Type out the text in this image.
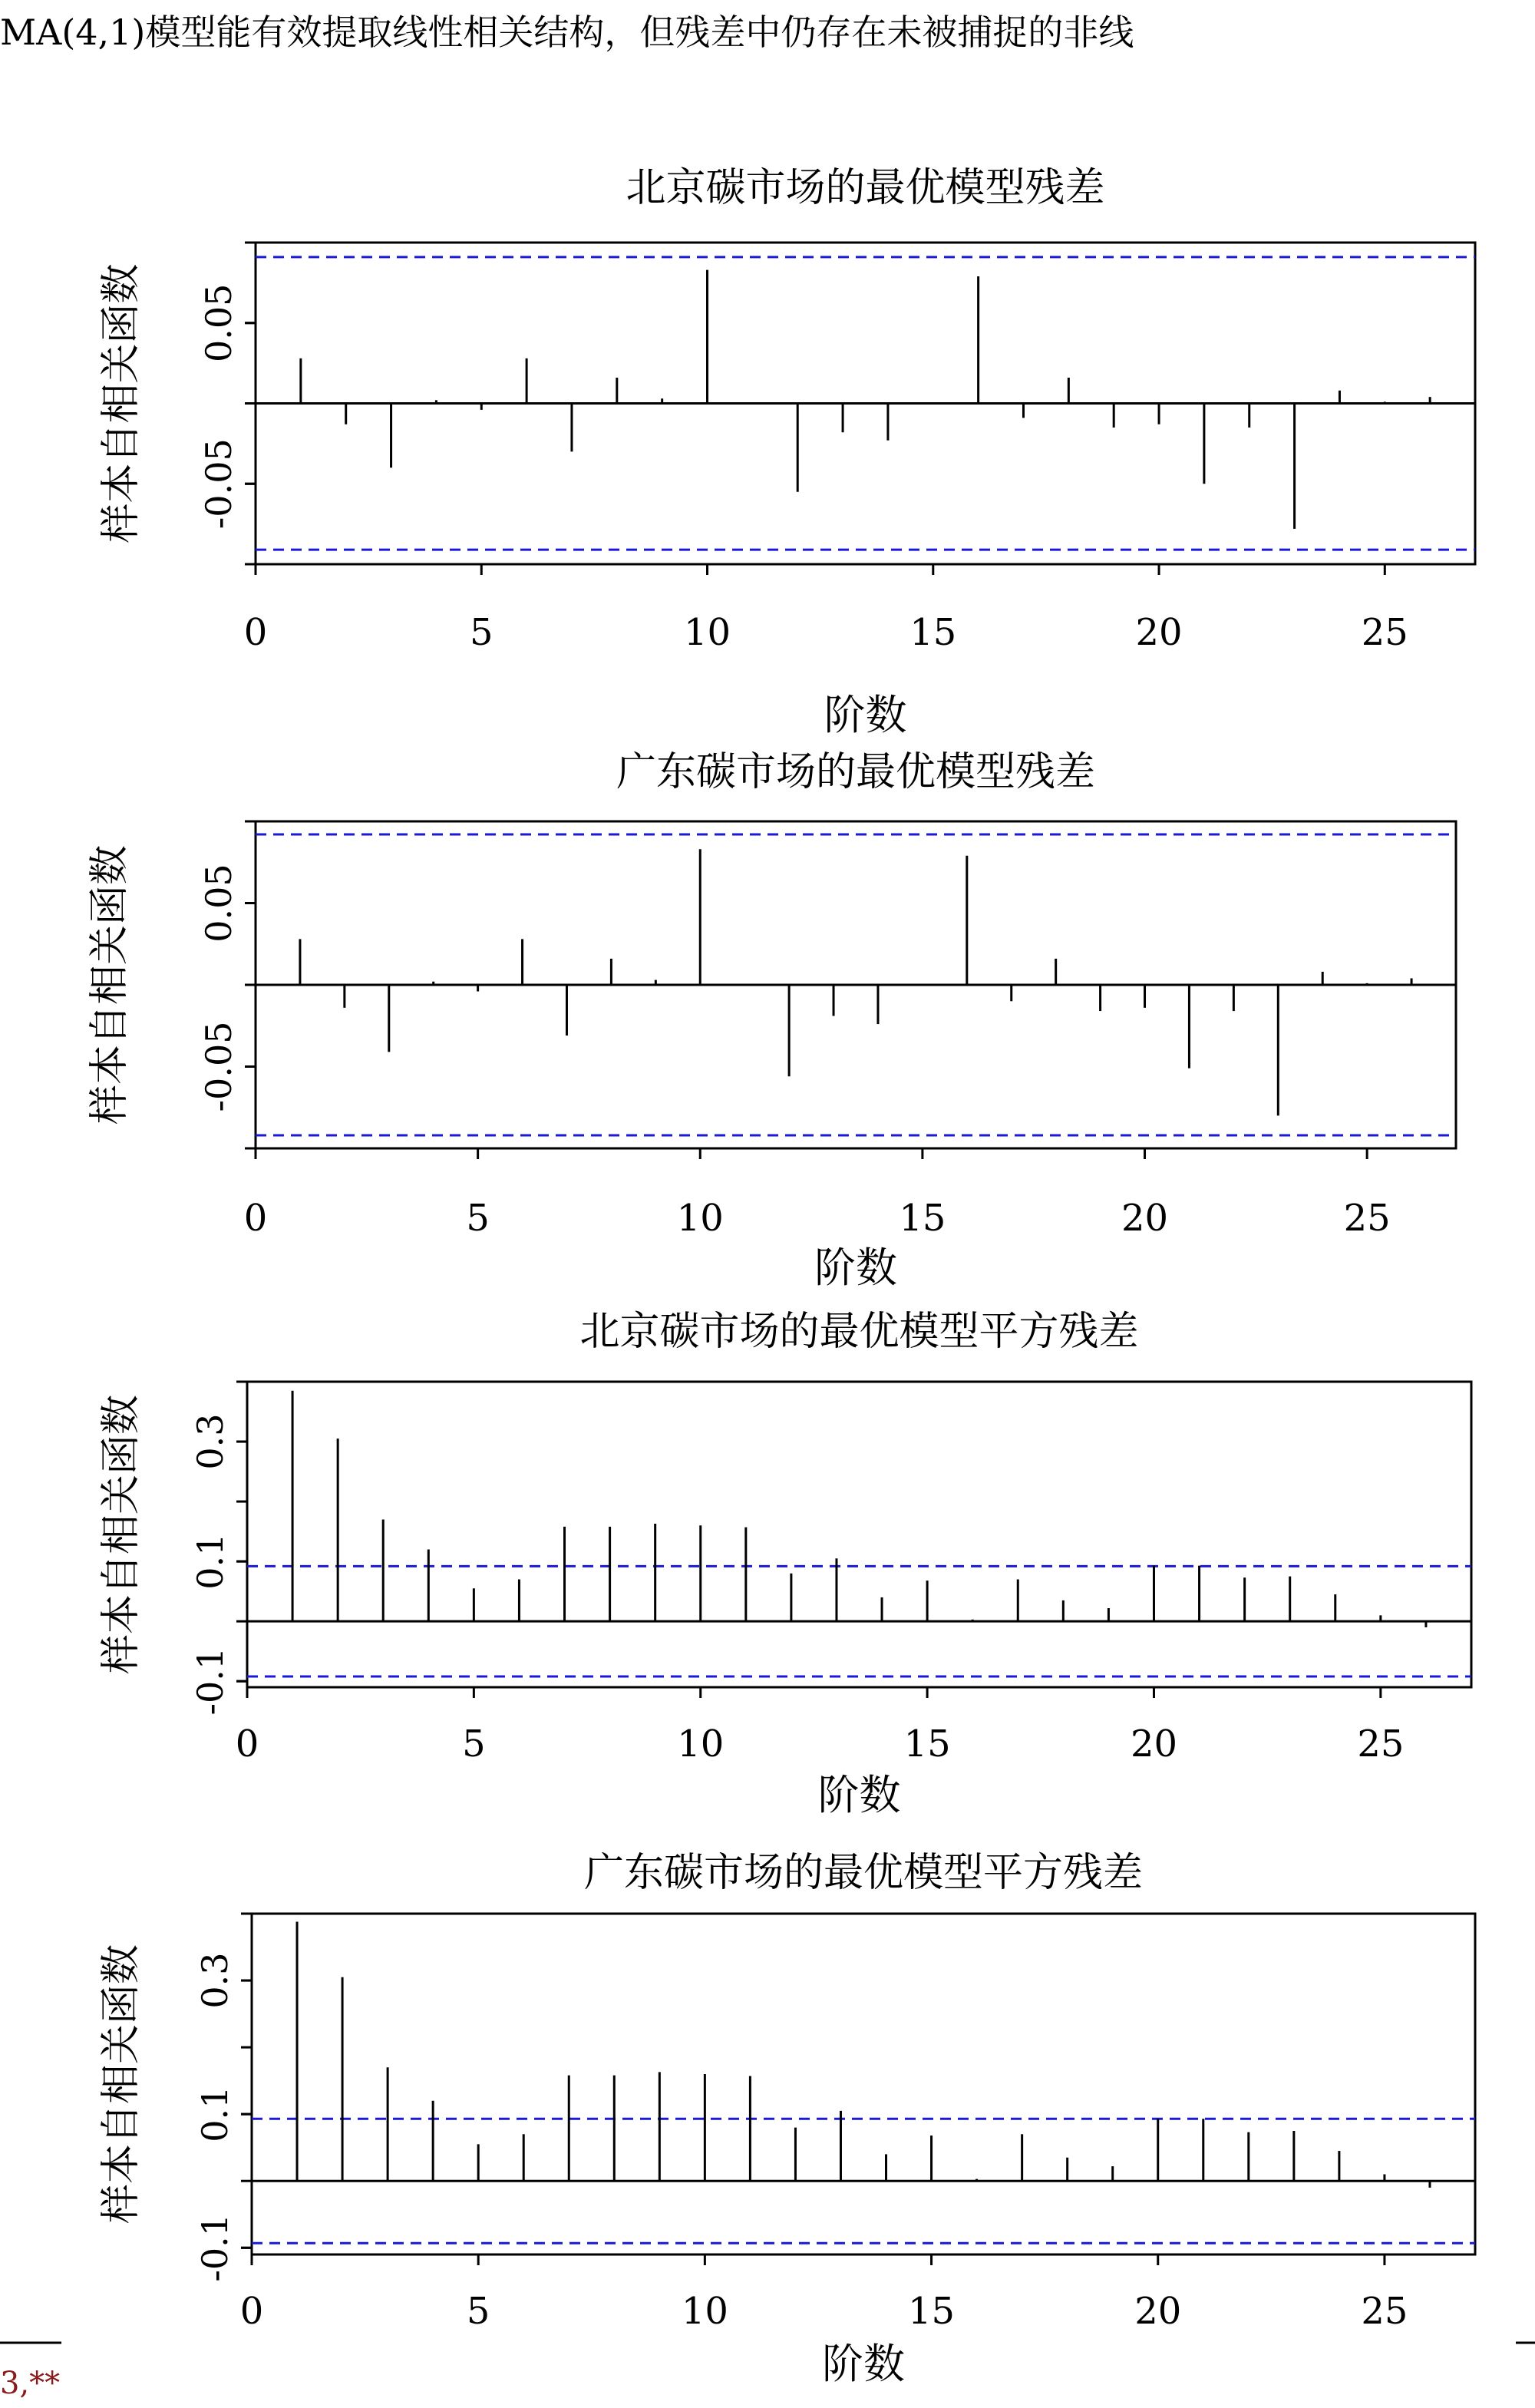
MA(4,1)模型能有效提取线性相关结构，但残差中仍存在未被捕捉的非线
北京碳市场的最优模型残差
0	5	10	15	20	25
-0.05
0.05
阶数
样本自相关函数
广东碳市场的最优模型残差
0	5	10	15	20	25
-0.05
0.05
阶数
样本自相关函数
北京碳市场的最优模型平方残差
0	5	10	15	20	25
-0.1
0.1
0.3
阶数
样本自相关函数
广东碳市场的最优模型平方残差
0	5	10	15	20	25
-0.1
0.1
0.3
阶数
样本自相关函数
3,**
